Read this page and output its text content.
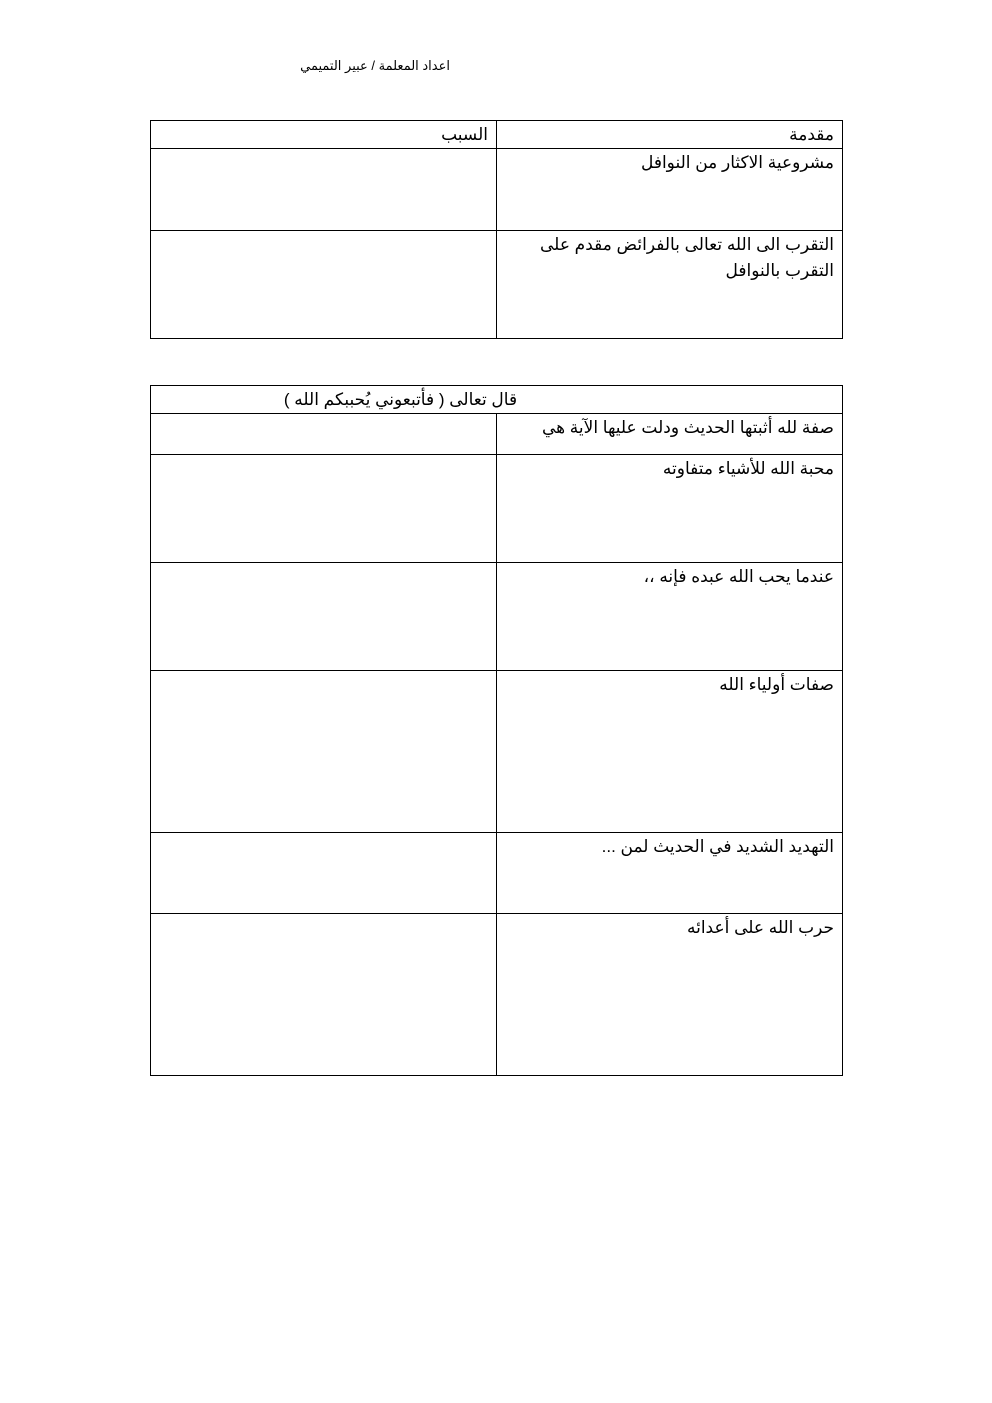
اعداد المعلمة / عبير التميمي
مقدمة	السبب
مشروعية الاكثار من النوافل	
التقرب الى الله تعالى بالفرائض مقدم على التقرب بالنوافل	
قال تعالى ( فأتبعوني يُحببكم الله )	
صفة لله أثبتها الحديث ودلت عليها الآية هي	
محبة الله للأشياء متفاوته	
عندما يحب الله عبده فإنه ،،	
صفات أولياء الله	
التهديد الشديد في الحديث لمن ...	
حرب الله على أعدائه	
